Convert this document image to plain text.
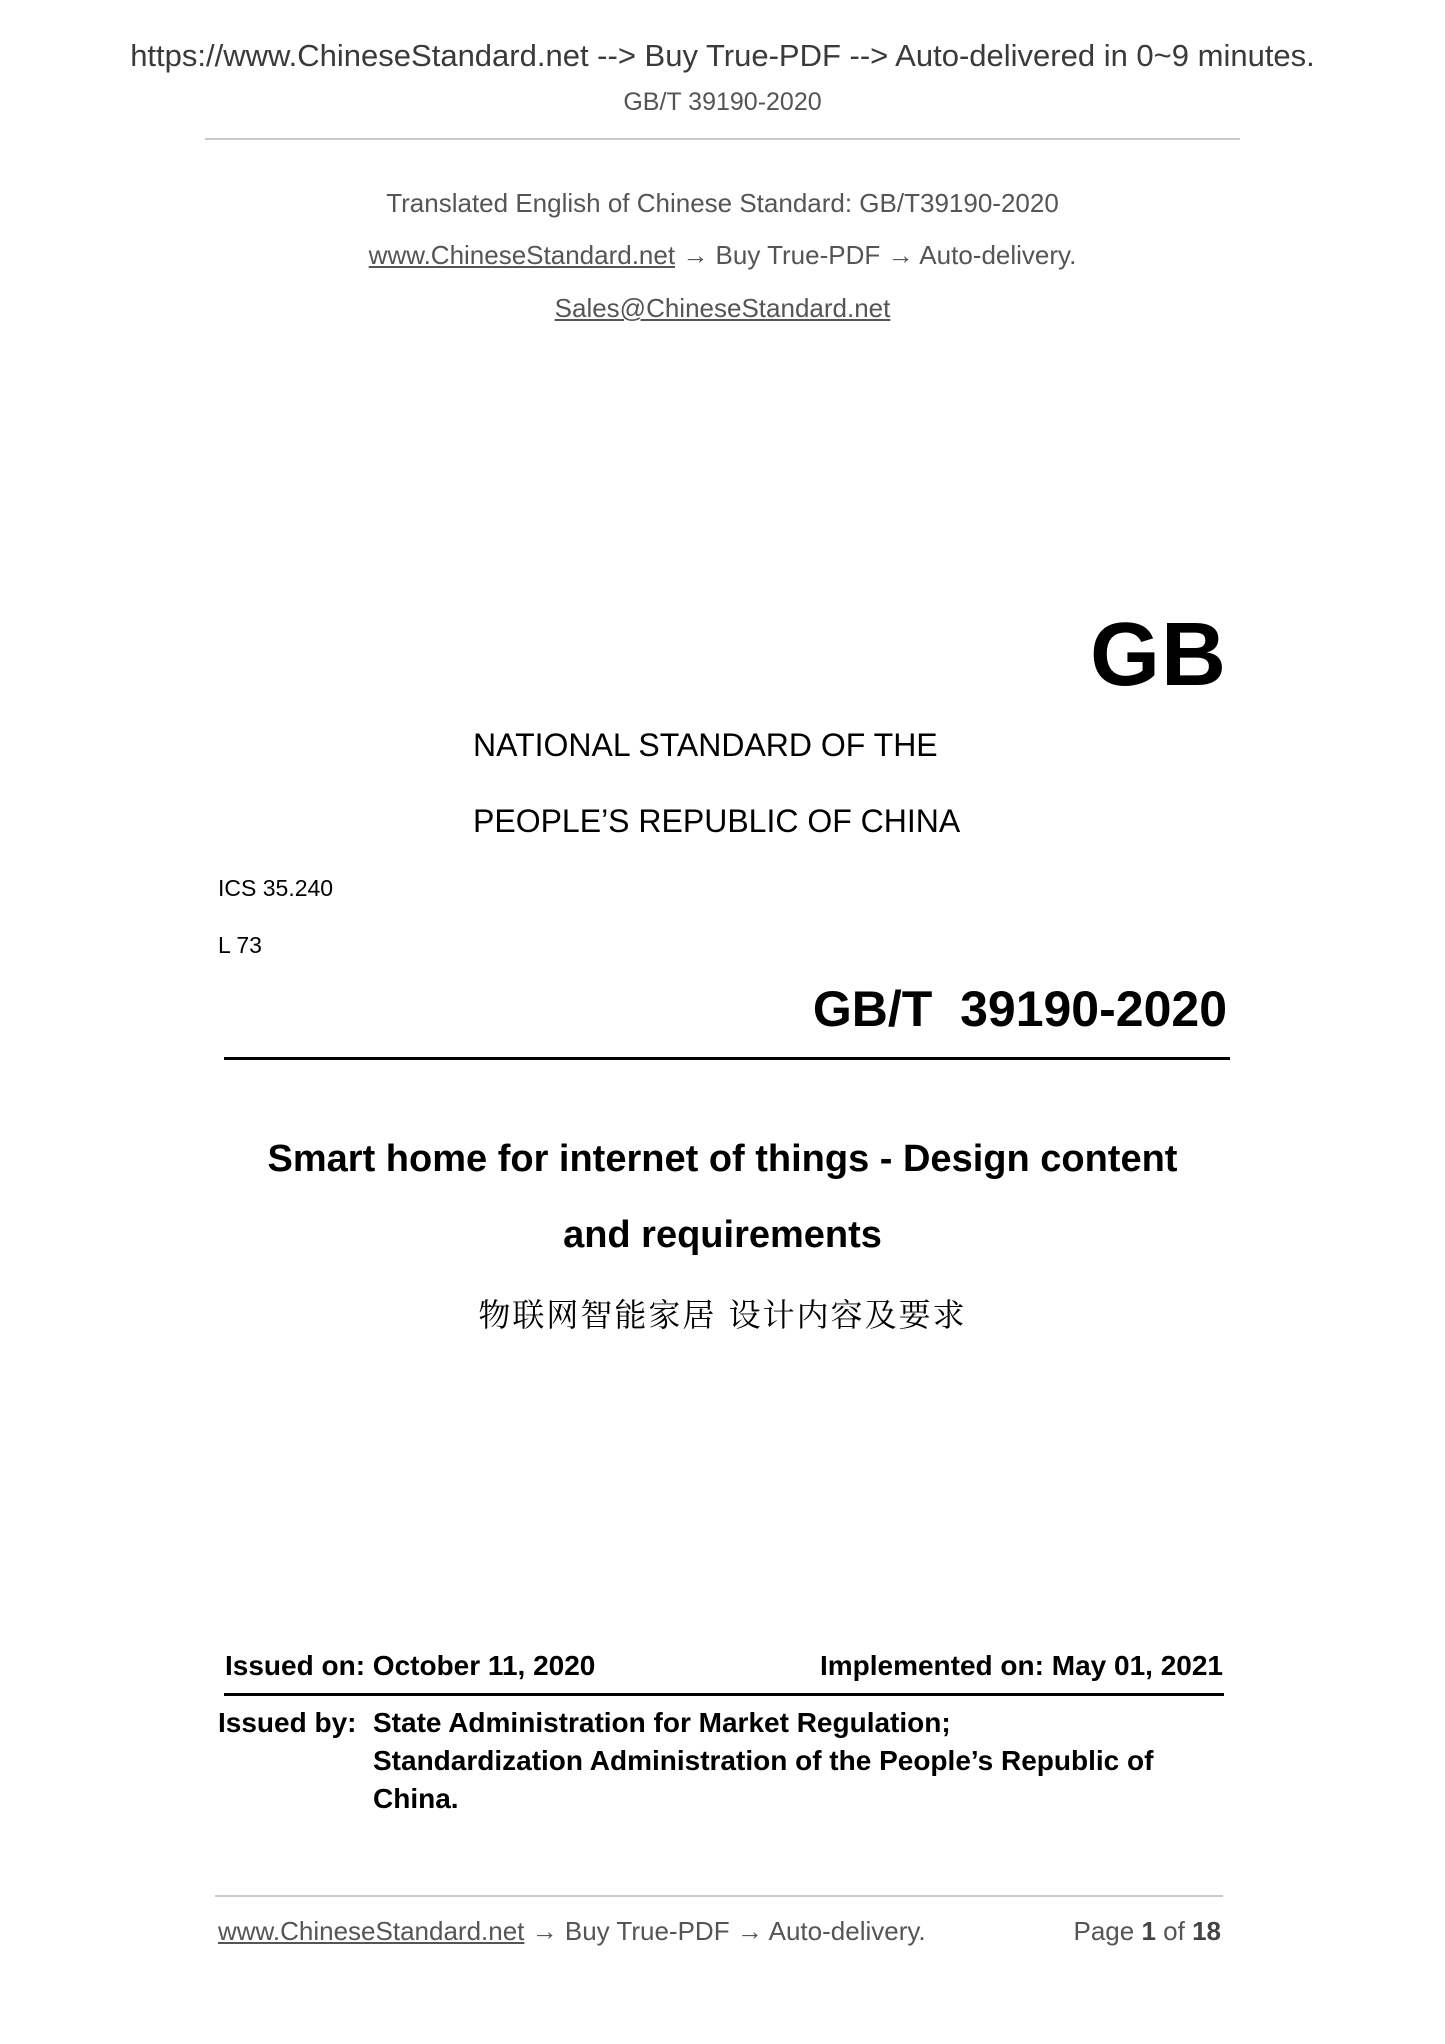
https://www.ChineseStandard.net --> Buy True-PDF --> Auto-delivered in 0~9 minutes.
GB/T 39190-2020
Translated English of Chinese Standard: GB/T39190-2020
www.ChineseStandard.net → Buy True-PDF → Auto-delivery.
Sales@ChineseStandard.net
GB
NATIONAL STANDARD OF THE
PEOPLE’S REPUBLIC OF CHINA
ICS 35.240
L 73
GB/T  39190-2020
Smart home for internet of things - Design content
and requirements
物联网智能家居 设计内容及要求
Issued on: October 11, 2020	Implemented on: May 01, 2021
Issued by: State Administration for Market Regulation;
Standardization Administration of the People’s Republic of
China.
www.ChineseStandard.net → Buy True-PDF → Auto-delivery.	Page 1 of 18
